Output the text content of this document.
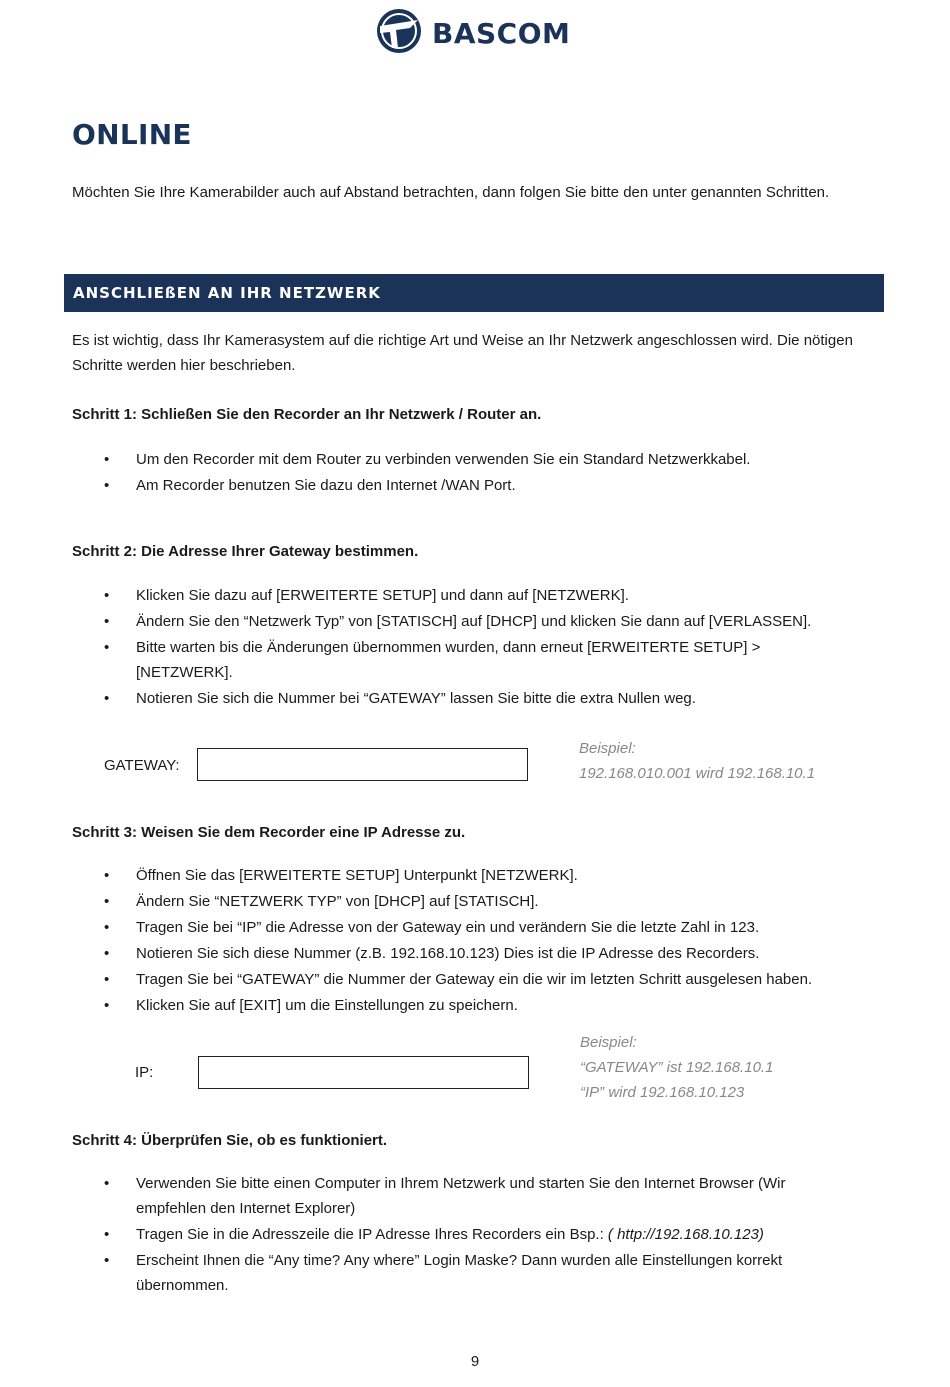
BASCOM
ONLINE

Möchten Sie Ihre Kamerabilder auch auf Abstand betrachten, dann folgen Sie bitte den unter genannten Schritten.

ANSCHLIEßEN AN IHR NETZWERK

Es ist wichtig, dass Ihr Kamerasystem auf die richtige Art und Weise an Ihr Netzwerk angeschlossen wird. Die nötigen Schritte werden hier beschrieben.

Schritt 1: Schließen Sie den Recorder an Ihr Netzwerk / Router an.
• Um den Recorder mit dem Router zu verbinden verwenden Sie ein Standard Netzwerkkabel.
• Am Recorder benutzen Sie dazu den Internet /WAN Port.
Schritt 2: Die Adresse Ihrer Gateway bestimmen.
• Klicken Sie dazu auf [ERWEITERTE SETUP] und dann auf [NETZWERK].
• Ändern Sie den “Netzwerk Typ” von [STATISCH] auf [DHCP] und klicken Sie dann auf [VERLASSEN].
• Bitte warten bis die Änderungen übernommen wurden, dann erneut [ERWEITERTE SETUP] > [NETZWERK].
• Notieren Sie sich die Nummer bei “GATEWAY” lassen Sie bitte die extra Nullen weg.
GATEWAY:
Beispiel:
192.168.010.001 wird 192.168.10.1
Schritt 3: Weisen Sie dem Recorder eine IP Adresse zu.
• Öffnen Sie das [ERWEITERTE SETUP] Unterpunkt [NETZWERK].
• Ändern Sie “NETZWERK TYP” von [DHCP] auf [STATISCH].
• Tragen Sie bei “IP” die Adresse von der Gateway ein und verändern Sie die letzte Zahl in 123.
• Notieren Sie sich diese Nummer (z.B. 192.168.10.123) Dies ist die IP Adresse des Recorders.
• Tragen Sie bei “GATEWAY” die Nummer der Gateway ein die wir im letzten Schritt ausgelesen haben.
• Klicken Sie auf [EXIT] um die Einstellungen zu speichern.
IP:
Beispiel:
“GATEWAY” ist 192.168.10.1
“IP” wird 192.168.10.123
Schritt 4: Überprüfen Sie, ob es funktioniert.
• Verwenden Sie bitte einen Computer in Ihrem Netzwerk und starten Sie den Internet Browser (Wir empfehlen den Internet Explorer)
• Tragen Sie in die Adresszeile die IP Adresse Ihres Recorders ein Bsp.: ( http://192.168.10.123)
• Erscheint Ihnen die “Any time? Any where” Login Maske? Dann wurden alle Einstellungen korrekt übernommen.
9
